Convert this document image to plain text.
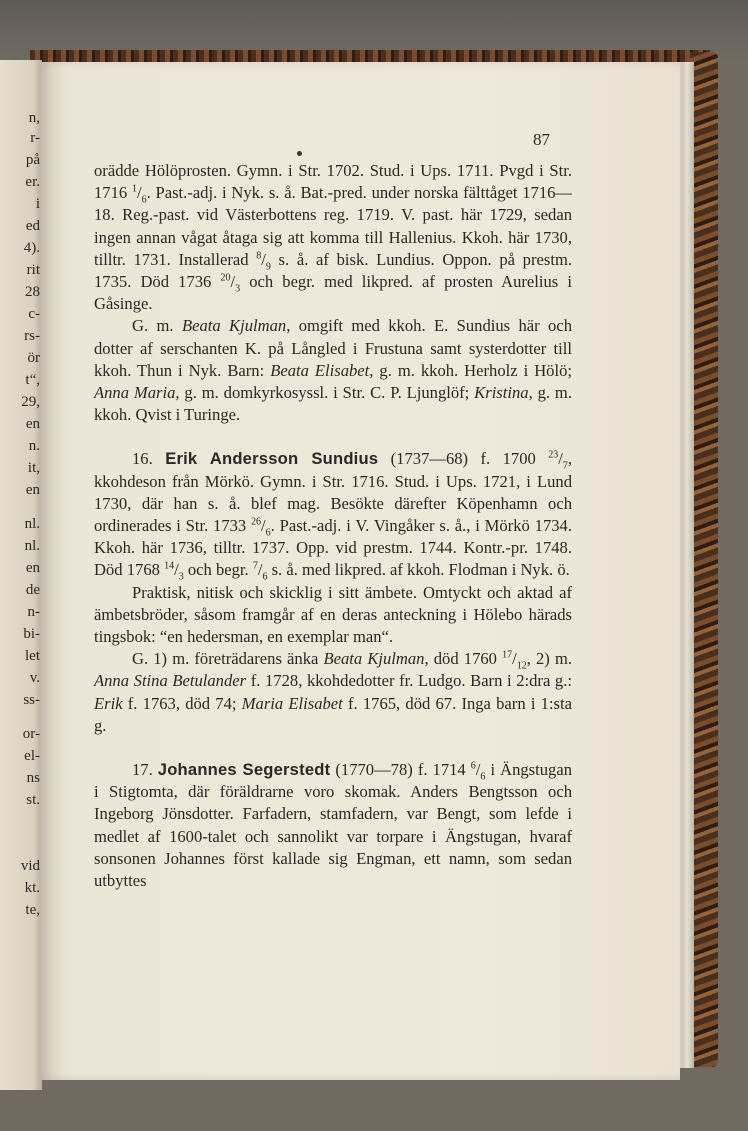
n,
r-
på
er.
i
ed
4).
rit
28
c-
rs-
ör
t“,
29,
en
n.
it,
en
nl.
nl.
en
de
n-
bi-
let
v.
ss-
or-
el-
ns
st.
vid
kt.
te,
87

orädde Hölöprosten. Gymn. i Str. 1702. Stud. i Ups. 1711. Pvgd i Str. 1716 $^1/_6$. Past.-adj. i Nyk. s. å. Bat.-pred. under norska fälttåget 1716—18. Reg.-past. vid Västerbottens reg. 1719. V. past. här 1729, sedan ingen annan vågat åtaga sig att komma till Hallenius. Kkoh. här 1730, tilltr. 1731. Installerad $^8/_9$ s. å. af bisk. Lundius. Oppon. på prestm. 1735. Död 1736 $^{20}/_3$ och begr. med likpred. af prosten Aurelius i Gåsinge.

G. m. Beata Kjulman, omgift med kkoh. E. Sundius här och dotter af serschanten K. på Långled i Frustuna samt systerdotter till kkoh. Thun i Nyk. Barn: Beata Elisabet, g. m. kkoh. Herholz i Hölö; Anna Maria, g. m. domkyrkosyssl. i Str. C. P. Ljunglöf; Kristina, g. m. kkoh. Qvist i Turinge.

16. Erik Andersson Sundius (1737—68) f. 1700 $^{23}/_7$, kkohdeson från Mörkö. Gymn. i Str. 1716. Stud. i Ups. 1721, i Lund 1730, där han s. å. blef mag. Besökte därefter Köpenhamn och ordinerades i Str. 1733 $^{26}/_6$. Past.-adj. i V. Vingåker s. å., i Mörkö 1734. Kkoh. här 1736, tilltr. 1737. Opp. vid prestm. 1744. Kontr.-pr. 1748. Död 1768 $^{14}/_3$ och begr. $^7/_6$ s. å. med likpred. af kkoh. Flodman i Nyk. ö.

Praktisk, nitisk och skicklig i sitt ämbete. Omtyckt och aktad af ämbetsbröder, såsom framgår af en deras anteckning i Hölebo härads tingsbok: “en hedersman, en exemplar man“.

G. 1) m. företrädarens änka Beata Kjulman, död 1760 $^{17}/_{12}$, 2) m. Anna Stina Betulander f. 1728, kkohdedotter fr. Ludgo. Barn i 2:dra g.: Erik f. 1763, död 74; Maria Elisabet f. 1765, död 67. Inga barn i 1:sta g.

17. Johannes Segerstedt (1770—78) f. 1714 $^6/_6$ i Ängstugan i Stigtomta, där föräldrarne voro skomak. Anders Bengtsson och Ingeborg Jönsdotter. Farfadern, stamfadern, var Bengt, som lefde i medlet af 1600-talet och sannolikt var torpare i Ängstugan, hvaraf sonsonen Johannes först kallade sig Engman, ett namn, som sedan utbyttes
